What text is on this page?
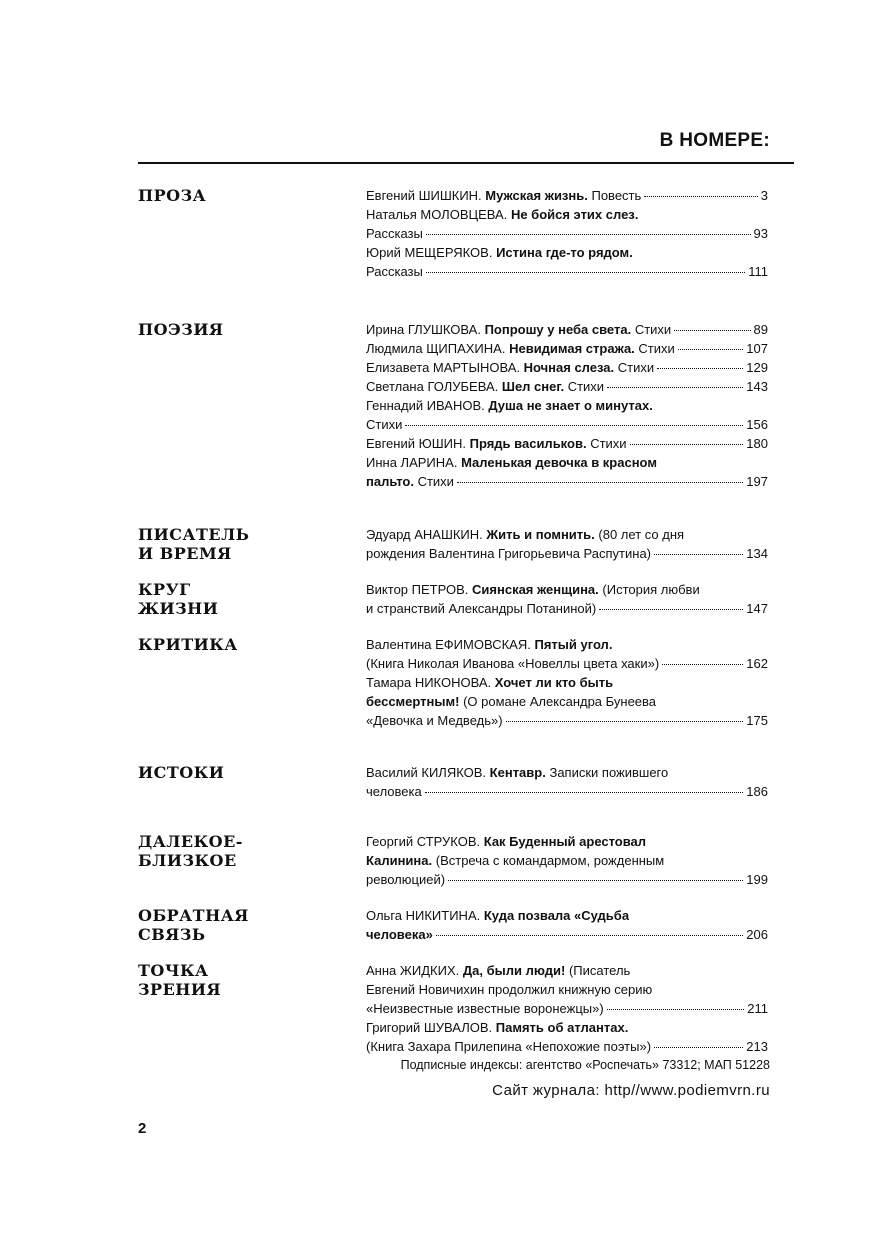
В НОМЕРЕ:
ПРОЗА	Евгений ШИШКИН. Мужская жизнь. Повесть	3
Наталья МОЛОВЦЕВА. Не бойся этих слез.
Рассказы	93
Юрий МЕЩЕРЯКОВ. Истина где-то рядом.
Рассказы	111
ПОЭЗИЯ	Ирина ГЛУШКОВА. Попрошу у неба света. Стихи	89
Людмила ЩИПАХИНА. Невидимая стража. Стихи	107
Елизавета МАРТЫНОВА. Ночная слеза. Стихи	129
Светлана ГОЛУБЕВА. Шел снег. Стихи	143
Геннадий ИВАНОВ. Душа не знает о минутах.
Стихи	156
Евгений ЮШИН. Прядь васильков. Стихи	180
Инна ЛАРИНА. Маленькая девочка в красном
пальто. Стихи	197
ПИСАТЕЛЬ
И ВРЕМЯ
Эдуард АНАШКИН. Жить и помнить. (80 лет со дня
рождения Валентина Григорьевича Распутина)	134
КРУГ
ЖИЗНИ
Виктор ПЕТРОВ. Сиянская женщина. (История любви
и странствий Александры Потаниной)	147
КРИТИКА	Валентина ЕФИМОВСКАЯ. Пятый угол.
(Книга Николая Иванова «Новеллы цвета хаки»)	162
Тамара НИКОНОВА. Хочет ли кто быть
бессмертным! (О романе Александра Бунеева
«Девочка и Медведь»)	175
ИСТОКИ	Василий КИЛЯКОВ. Кентавр. Записки пожившего
человека	186
ДАЛЕКОЕ-
БЛИЗКОЕ
Георгий СТРУКОВ. Как Буденный арестовал
Калинина. (Встреча с командармом, рожденным
революцией)	199
ОБРАТНАЯ
СВЯЗЬ
Ольга НИКИТИНА. Куда позвала «Судьба
человека»	206
ТОЧКА
ЗРЕНИЯ
Анна ЖИДКИХ. Да, были люди! (Писатель
Евгений Новичихин продолжил книжную серию
«Неизвестные известные воронежцы»)	211
Григорий ШУВАЛОВ. Память об атлантах.
(Книга Захара Прилепина «Непохожие поэты»)	213
Подписные индексы: агентство «Роспечать» 73312; МАП 51228
Сайт журнала: http//www.podiemvrn.ru
2
